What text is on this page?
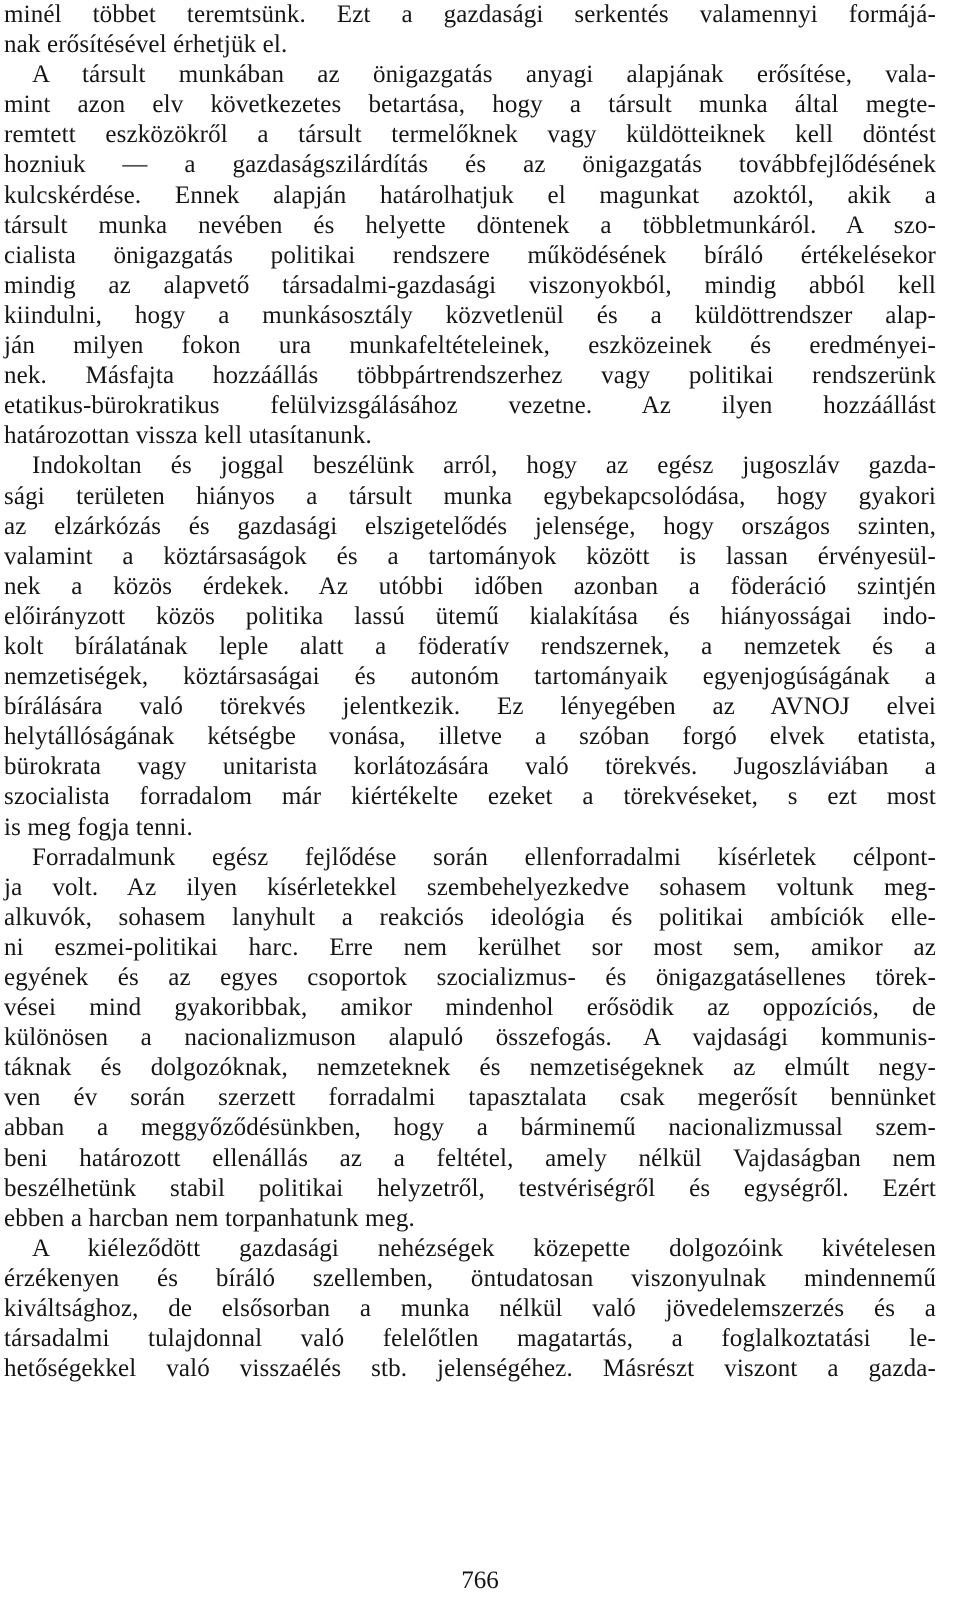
minél többet teremtsünk. Ezt a gazdasági serkentés valamennyi formájá-
nak erősítésével érhetjük el.
A társult munkában az önigazgatás anyagi alapjának erősítése, vala-
mint azon elv következetes betartása, hogy a társult munka által megte-
remtett eszközökről a társult termelőknek vagy küldötteiknek kell döntést
hozniuk — a gazdaságszilárdítás és az önigazgatás továbbfejlődésének
kulcskérdése. Ennek alapján határolhatjuk el magunkat azoktól, akik a
társult munka nevében és helyette döntenek a többletmunkáról. A szo-
cialista önigazgatás politikai rendszere működésének bíráló értékelésekor
mindig az alapvető társadalmi-gazdasági viszonyokból, mindig abból kell
kiindulni, hogy a munkásosztály közvetlenül és a küldöttrendszer alap-
ján milyen fokon ura munkafeltételeinek, eszközeinek és eredményei-
nek. Másfajta hozzáállás többpártrendszerhez vagy politikai rendszerünk
etatikus-bürokratikus felülvizsgálásához vezetne. Az ilyen hozzáállást
határozottan vissza kell utasítanunk.
Indokoltan és joggal beszélünk arról, hogy az egész jugoszláv gazda-
sági területen hiányos a társult munka egybekapcsolódása, hogy gyakori
az elzárkózás és gazdasági elszigetelődés jelensége, hogy országos szinten,
valamint a köztársaságok és a tartományok között is lassan érvényesül-
nek a közös érdekek. Az utóbbi időben azonban a föderáció szintjén
előirányzott közös politika lassú ütemű kialakítása és hiányosságai indo-
kolt bírálatának leple alatt a föderatív rendszernek, a nemzetek és a
nemzetiségek, köztársaságai és autonóm tartományaik egyenjogúságának a
bírálására való törekvés jelentkezik. Ez lényegében az AVNOJ elvei
helytállóságának kétségbe vonása, illetve a szóban forgó elvek etatista,
bürokrata vagy unitarista korlátozására való törekvés. Jugoszláviában a
szocialista forradalom már kiértékelte ezeket a törekvéseket, s ezt most
is meg fogja tenni.
Forradalmunk egész fejlődése során ellenforradalmi kísérletek célpont-
ja volt. Az ilyen kísérletekkel szembehelyezkedve sohasem voltunk meg-
alkuvók, sohasem lanyhult a reakciós ideológia és politikai ambíciók elle-
ni eszmei-politikai harc. Erre nem kerülhet sor most sem, amikor az
egyének és az egyes csoportok szocializmus- és önigazgatásellenes törek-
vései mind gyakoribbak, amikor mindenhol erősödik az oppozíciós, de
különösen a nacionalizmuson alapuló összefogás. A vajdasági kommunis-
táknak és dolgozóknak, nemzeteknek és nemzetiségeknek az elmúlt negy-
ven év során szerzett forradalmi tapasztalata csak megerősít bennünket
abban a meggyőződésünkben, hogy a bárminemű nacionalizmussal szem-
beni határozott ellenállás az a feltétel, amely nélkül Vajdaságban nem
beszélhetünk stabil politikai helyzetről, testvériségről és egységről. Ezért
ebben a harcban nem torpanhatunk meg.
A kiéleződött gazdasági nehézségek közepette dolgozóink kivételesen
érzékenyen és bíráló szellemben, öntudatosan viszonyulnak mindennemű
kiváltsághoz, de elsősorban a munka nélkül való jövedelemszerzés és a
társadalmi tulajdonnal való felelőtlen magatartás, a foglalkoztatási le-
hetőségekkel való visszaélés stb. jelenségéhez. Másrészt viszont a gazda-
766
